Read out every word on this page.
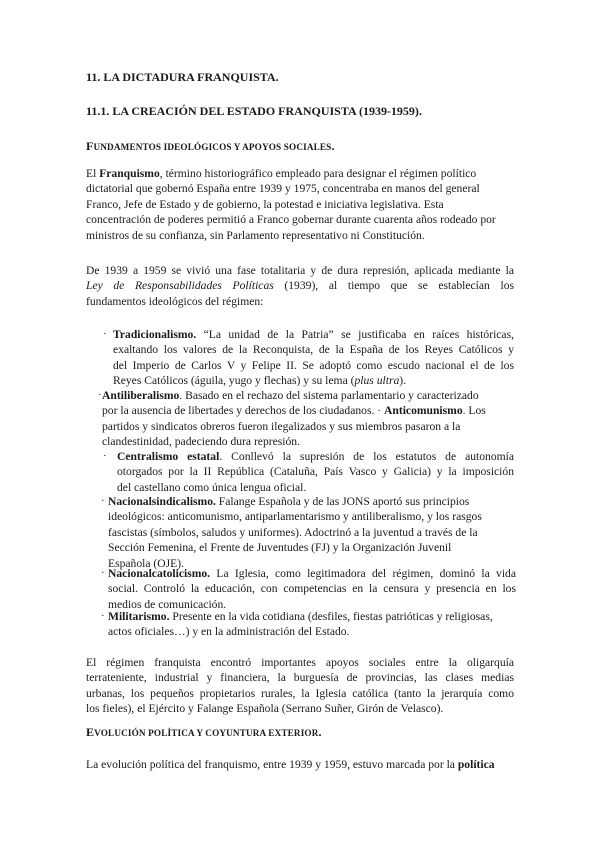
11. LA DICTADURA FRANQUISTA.

11.1. LA CREACIÓN DEL ESTADO FRANQUISTA (1939-1959).

FUNDAMENTOS IDEOLÓGICOS Y APOYOS SOCIALES.

El Franquismo, término historiográfico empleado para designar el régimen político
dictatorial que gobernó España entre 1939 y 1975, concentraba en manos del general
Franco, Jefe de Estado y de gobierno, la potestad e iniciativa legislativa. Esta
concentración de poderes permitió a Franco gobernar durante cuarenta años rodeado por
ministros de su confianza, sin Parlamento representativo ni Constitución.
De 1939 a 1959 se vivió una fase totalitaria y de dura represión, aplicada mediante la
Ley de Responsabilidades Políticas (1939), al tiempo que se establecían los
fundamentos ideológicos del régimen:
· Tradicionalismo. “La unidad de la Patria” se justificaba en raíces históricas,
exaltando los valores de la Reconquista, de la España de los Reyes Católicos y
del Imperio de Carlos V y Felipe II. Se adoptó como escudo nacional el de los
Reyes Católicos (águila, yugo y flechas) y su lema (plus ultra).
· Antiliberalismo. Basado en el rechazo del sistema parlamentario y caracterizado
por la ausencia de libertades y derechos de los ciudadanos. · Anticomunismo. Los
partidos y sindicatos obreros fueron ilegalizados y sus miembros pasaron a la
clandestinidad, padeciendo dura represión.
· Centralismo estatal. Conllevó la supresión de los estatutos de autonomía
otorgados por la II República (Cataluña, País Vasco y Galicia) y la imposición
del castellano como única lengua oficial.
· Nacionalsindicalismo. Falange Española y de las JONS aportó sus principios
ideológicos: anticomunismo, antiparlamentarismo y antiliberalismo, y los rasgos
fascistas (símbolos, saludos y uniformes). Adoctrinó a la juventud a través de la
Sección Femenina, el Frente de Juventudes (FJ) y la Organización Juvenil
Española (OJE).
· Nacionalcatolicismo. La Iglesia, como legitimadora del régimen, dominó la vida
social. Controló la educación, con competencias en la censura y presencia en los
medios de comunicación.
· Militarismo. Presente en la vida cotidiana (desfiles, fiestas patrióticas y religiosas,
actos oficiales…) y en la administración del Estado.
El régimen franquista encontró importantes apoyos sociales entre la oligarquía
terrateniente, industrial y financiera, la burguesía de provincias, las clases medias
urbanas, los pequeños propietarios rurales, la Iglesia católica (tanto la jerarquía como
los fieles), el Ejército y Falange Española (Serrano Suñer, Girón de Velasco).

EVOLUCIÓN POLÍTICA Y COYUNTURA EXTERIOR.

La evolución política del franquismo, entre 1939 y 1959, estuvo marcada por la política
